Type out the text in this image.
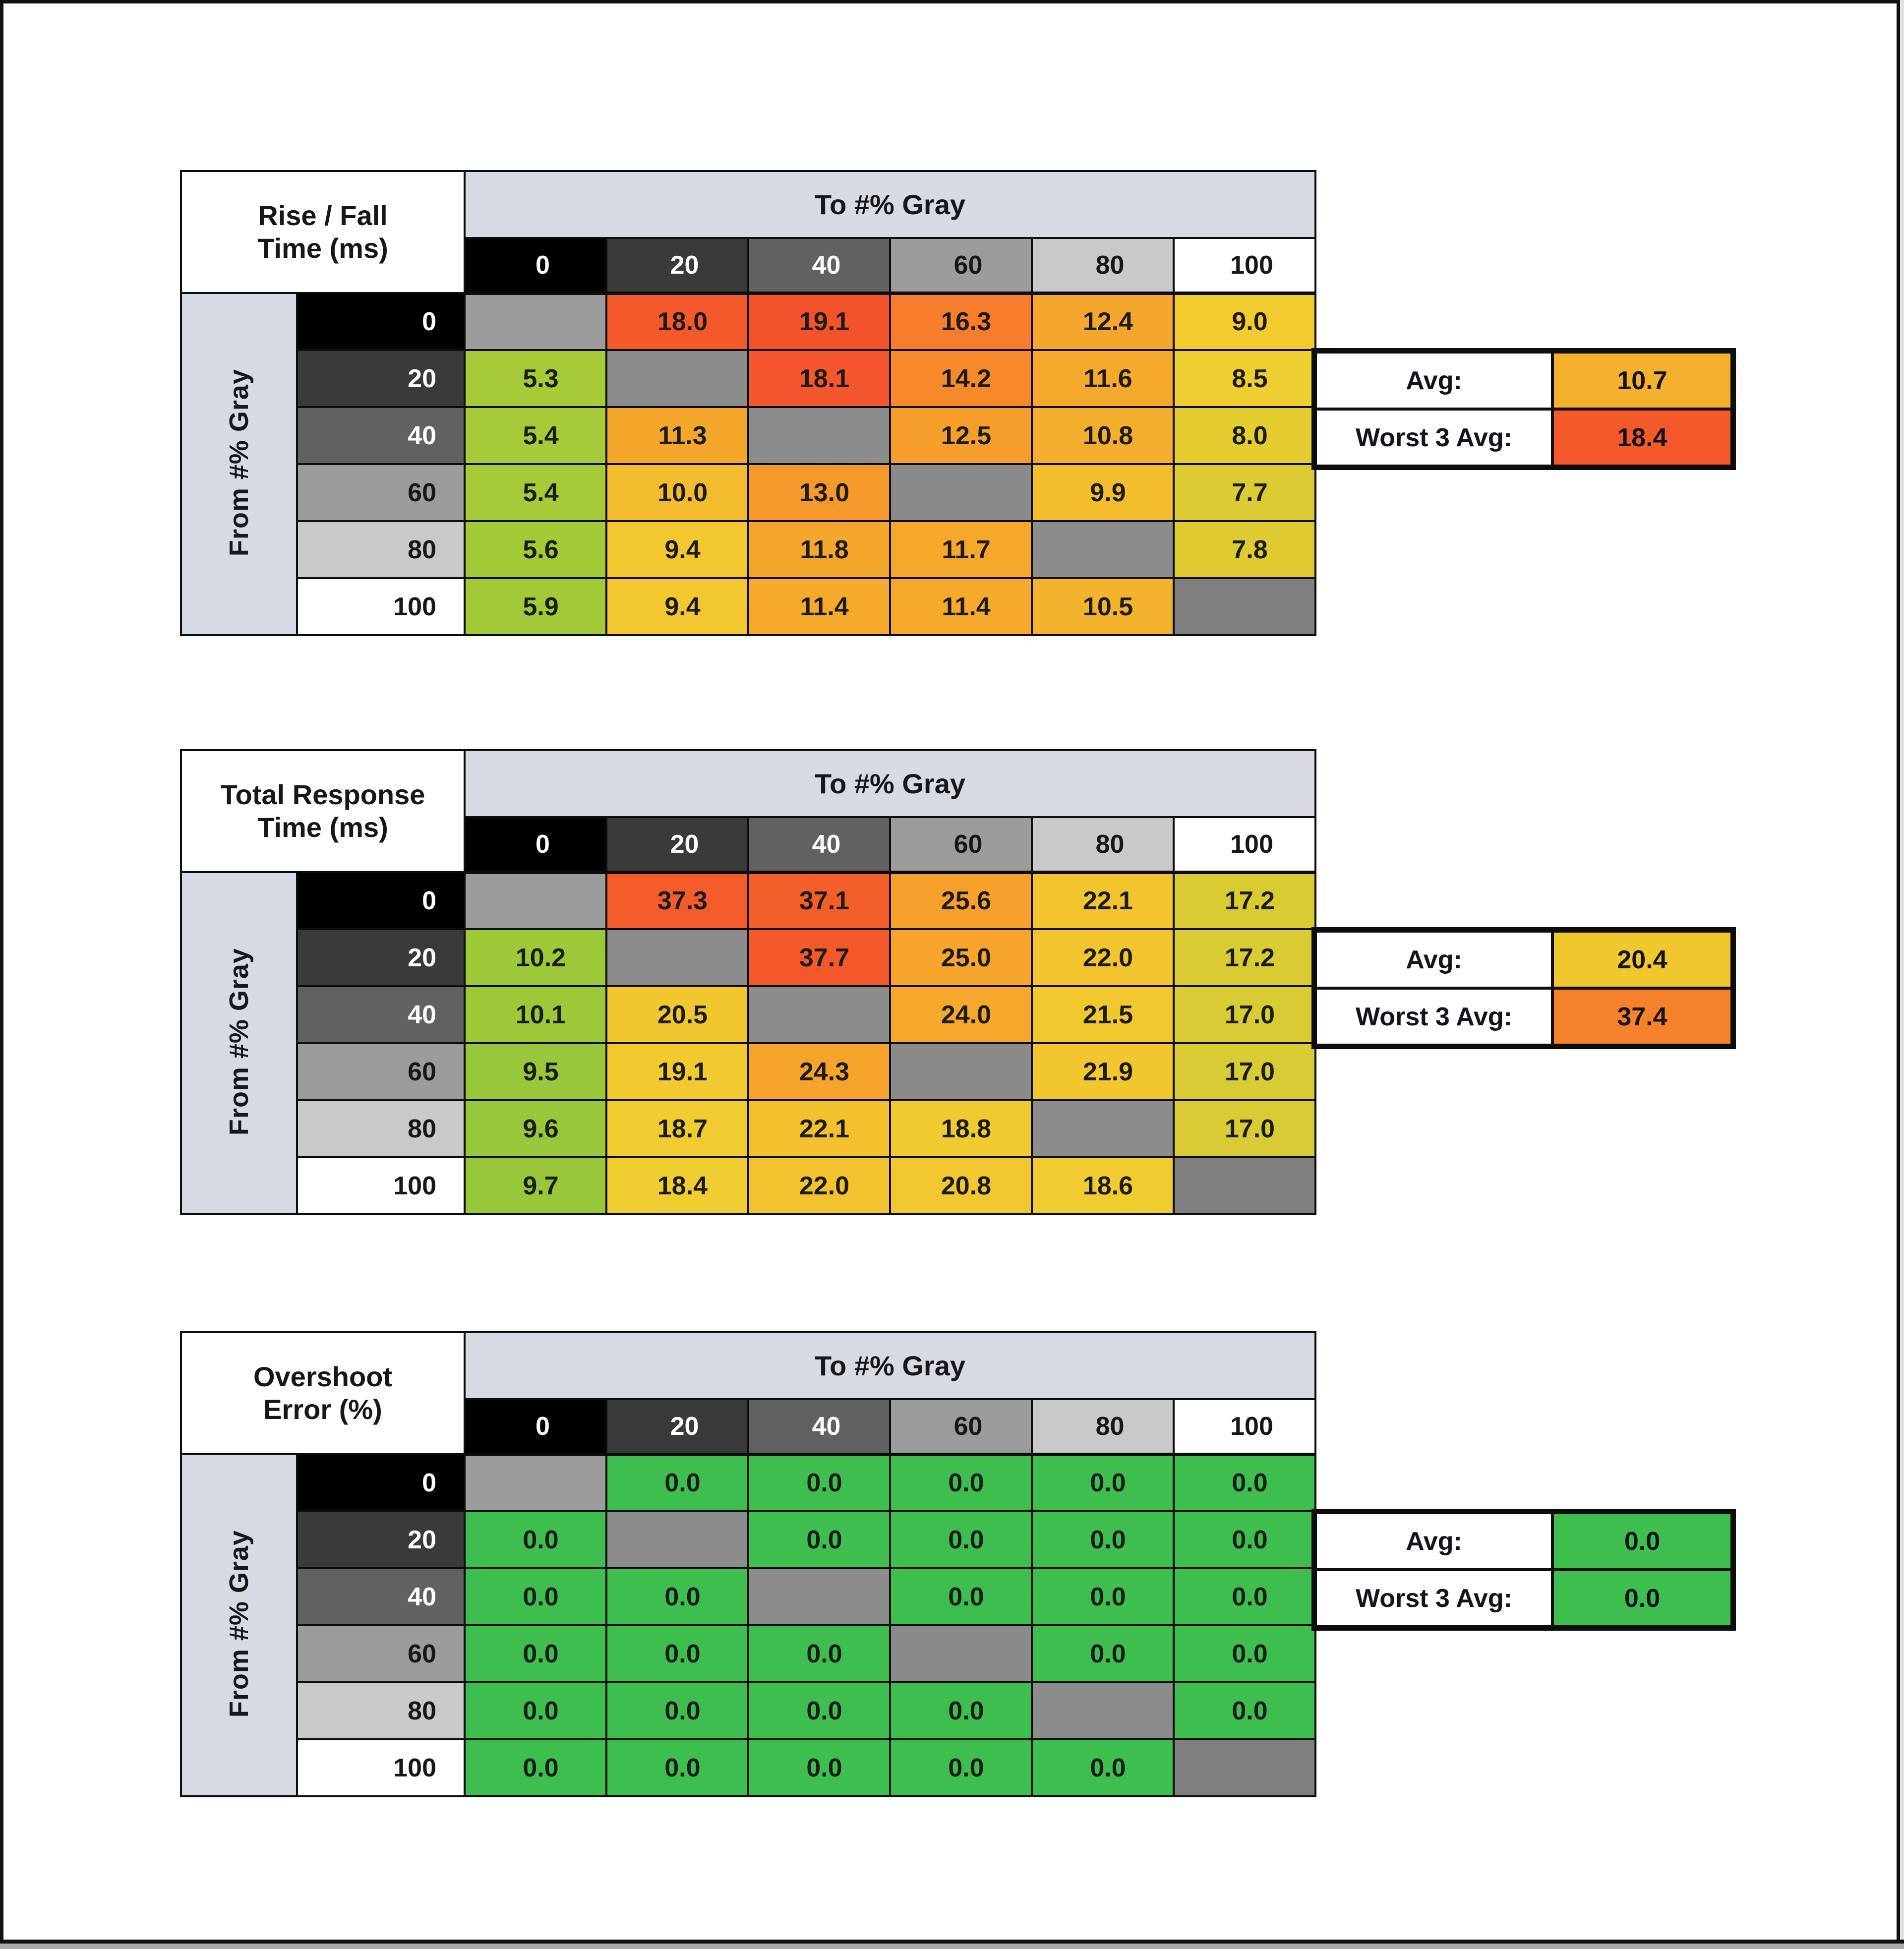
Rise / Fall
Time (ms)		To #% Gray					
		0	20	40	60	80	100
From #% Gray	0		18.0	19.1	16.3	12.4	9.0
	20	5.3		18.1	14.2	11.6	8.5
	40	5.4	11.3		12.5	10.8	8.0
	60	5.4	10.0	13.0		9.9	7.7
	80	5.6	9.4	11.8	11.7		7.8
	100	5.9	9.4	11.4	11.4	10.5	
Avg:	10.7
Worst 3 Avg:	18.4
Total Response
Time (ms)		To #% Gray					
		0	20	40	60	80	100
From #% Gray	0		37.3	37.1	25.6	22.1	17.2
	20	10.2		37.7	25.0	22.0	17.2
	40	10.1	20.5		24.0	21.5	17.0
	60	9.5	19.1	24.3		21.9	17.0
	80	9.6	18.7	22.1	18.8		17.0
	100	9.7	18.4	22.0	20.8	18.6	
Avg:	20.4
Worst 3 Avg:	37.4
Overshoot
Error (%)		To #% Gray					
		0	20	40	60	80	100
From #% Gray	0		0.0	0.0	0.0	0.0	0.0
	20	0.0		0.0	0.0	0.0	0.0
	40	0.0	0.0		0.0	0.0	0.0
	60	0.0	0.0	0.0		0.0	0.0
	80	0.0	0.0	0.0	0.0		0.0
	100	0.0	0.0	0.0	0.0	0.0	
Avg:	0.0
Worst 3 Avg:	0.0
